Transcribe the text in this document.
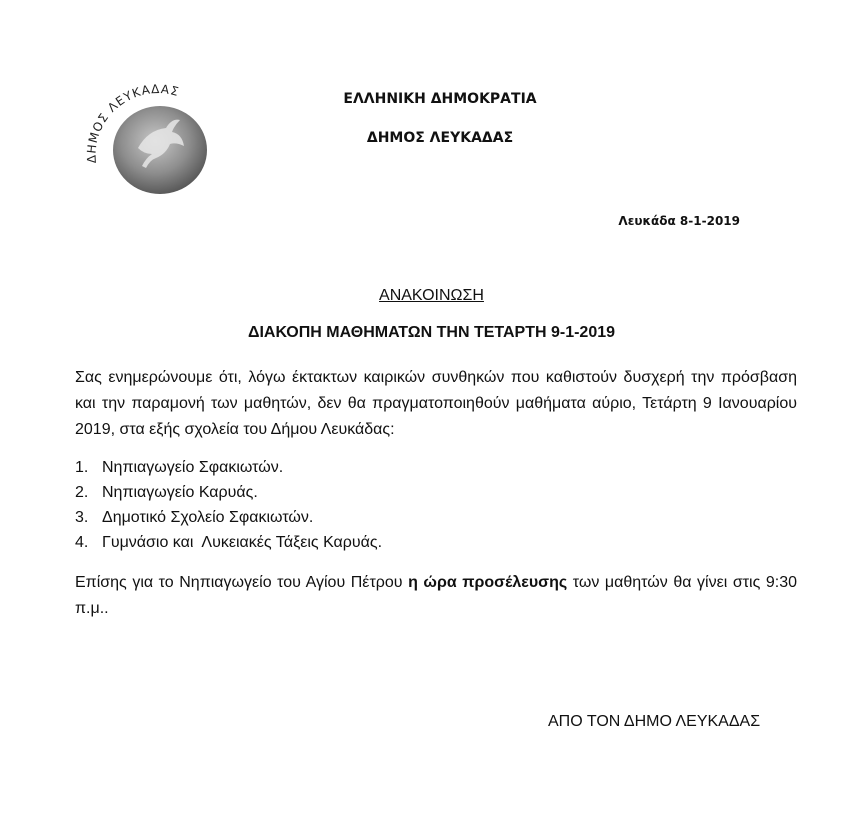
ΔΗΜΟΣ ΛΕΥΚΑΔΑΣ	ΕΛΛΗΝΙΚΗ ΔΗΜΟΚΡΑΤΙΑ
ΔΗΜΟΣ ΛΕΥΚΑΔΑΣ
Λευκάδα 8-1-2019
ΑΝΑΚΟΙΝΩΣΗ
ΔΙΑΚΟΠΗ ΜΑΘΗΜΑΤΩΝ ΤΗΝ ΤΕΤΑΡΤΗ 9-1-2019
Σας ενημερώνουμε ότι, λόγω έκτακτων καιρικών συνθηκών που καθιστούν δυσχερή την πρόσβαση και την παραμονή των μαθητών, δεν θα πραγματοποιηθούν μαθήματα αύριο, Τετάρτη 9 Ιανουαρίου 2019, στα εξής σχολεία του Δήμου Λευκάδας:
1. Νηπιαγωγείο Σφακιωτών.
2. Νηπιαγωγείο Καρυάς.
3. Δημοτικό Σχολείο Σφακιωτών.
4. Γυμνάσιο και  Λυκειακές Τάξεις Καρυάς.
Επίσης για το Νηπιαγωγείο του Αγίου Πέτρου η ώρα προσέλευσης των μαθητών θα γίνει στις 9:30 π.μ..
ΑΠΟ ΤΟΝ ΔΗΜΟ ΛΕΥΚΑΔΑΣ
